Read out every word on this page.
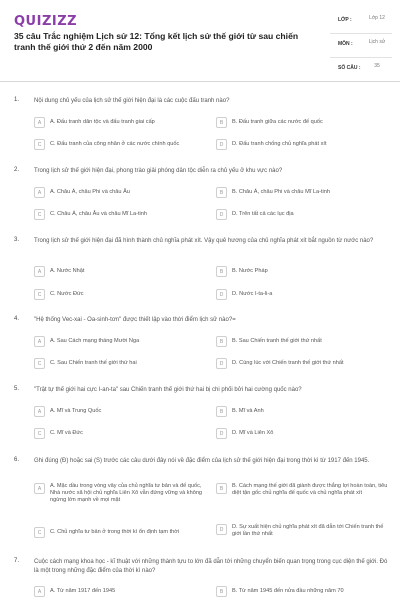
QUIZIZZ
35 câu Trắc nghiệm Lịch sử 12: Tổng kết lịch sử thế giới từ sau chiến tranh thế giới thứ 2 đến năm 2000
LỚP :	Lớp 12
MÔN :	Lịch sử
SỐ CÂU :	35
1. Nội dung chủ yếu của lịch sử thế giới hiện đại là các cuộc đấu tranh nào?
A	A. Đấu tranh dân tộc và đấu tranh giai cấp	B	B. Đấu tranh giữa các nước đế quốc
C	C. Đấu tranh của công nhân ở các nước chính quốc	D	D. Đấu tranh chống chủ nghĩa phát xít
2. Trong lịch sử thế giới hiện đại, phong trào giải phóng dân tộc diễn ra chủ yếu ở khu vực nào?
A	A. Châu Á, châu Phi và châu Âu	B	B. Châu Á, châu Phi và châu Mĩ La-tinh
C	C. Châu Á, châu Âu và châu Mĩ La-tinh	D	D. Trên tất cả các lục địa
3. Trong lịch sử thế giới hiện đại đã hình thành chủ nghĩa phát xít. Vậy quê hương của chủ nghĩa phát xít bắt nguồn từ nước nào?
A	A. Nước Nhật	B	B. Nước Pháp
C	C. Nước Đức	D	D. Nước I-ta-li-a
4. "Hệ thống Vec-xai - Oa-sinh-tơn" được thiết lập vào thời điểm lịch sử nào?=
A	A. Sau Cách mạng tháng Mười Nga	B	B. Sau Chiến tranh thế giới thứ nhất
C	C. Sau Chiến tranh thế giới thứ hai	D	D. Cùng lúc với Chiến tranh thế giới thứ nhất
5. "Trật tự thế giới hai cực I-an-ta" sau Chiến tranh thế giới thứ hai bị chi phối bởi hai cường quốc nào?
A	A. Mĩ và Trung Quốc	B	B. Mĩ và Anh
C	C. Mĩ và Đức	D	D. Mĩ và Liên Xô
6. Ghi đúng (Đ) hoặc sai (S) trước các câu dưới đây nói về đặc điểm của lịch sử thế giới hiện đại trong thời kì từ 1917 đến 1945.
A	A. Mặc dầu trong vòng vây của chủ nghĩa tư bản và đế quốc, Nhà nước xã hội chủ nghĩa Liên Xô vẫn đứng vững và không ngừng lớn mạnh về mọi mặt
B	B. Cách mạng thế giới đã giành được thắng lợi hoàn toàn, tiêu diệt tận gốc chủ nghĩa đế quốc và chủ nghĩa phát xít
C	C. Chủ nghĩa tư bản ở trong thời kì ổn định tạm thời	D	D. Sự xuất hiện chủ nghĩa phát xít đã dẫn tới Chiến tranh thế giới lần thứ nhất
7. Cuộc cách mạng khoa học - kĩ thuật với những thành tựu to lớn đã dẫn tới những chuyển biến quan trọng trong cục diện thế giới. Đó là một trong những đặc điểm của thời kì nào?
A	A. Từ năm 1917 đến 1945	B	B. Từ năm 1945 đến nửa đầu những năm 70
